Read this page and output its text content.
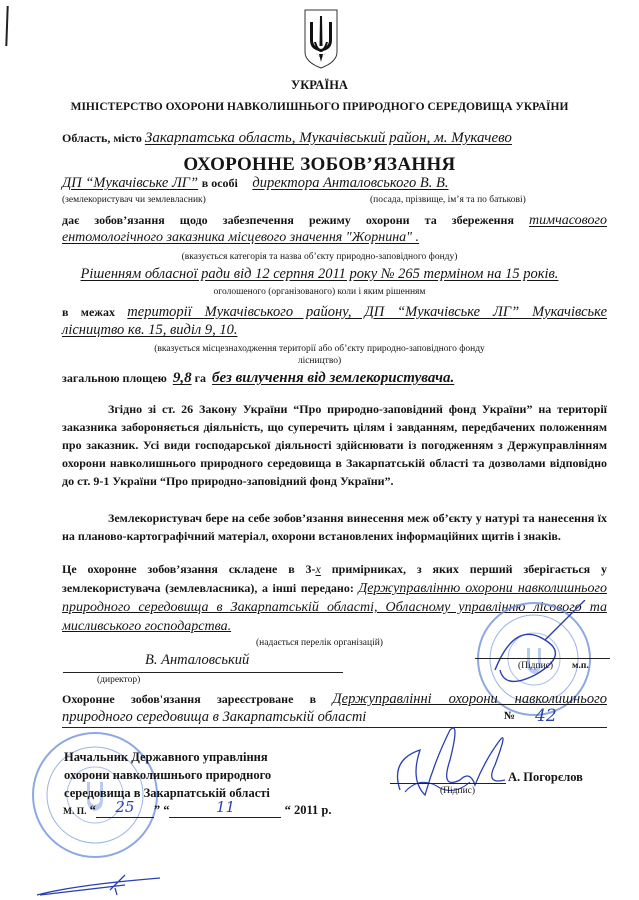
УКРАЇНА
МІНІСТЕРСТВО ОХОРОНИ НАВКОЛИШНЬОГО ПРИРОДНОГО СЕРЕДОВИЩА УКРАЇНИ
Область, місто Закарпатська область, Мукачівський район, м. Мукачево
ОХОРОННЕ ЗОБОВ’ЯЗАННЯ
ДП “Мукачівське ЛГ” в особі директора Анталовського В. В.
(землекористувач чи землевласник)	(посада, прізвище, ім’я та по батькові)
дає зобов’язання щодо забезпечення режиму охорони та збереження тимчасового
ентомологічного заказника місцевого значення "Жорнина" .
(вказується категорія та назва об’єкту природно-заповідного фонду)
Рішенням обласної ради від 12 серпня 2011 року № 265 терміном на 15 років.
оголошеного (організованого) коли і яким рішенням
в межах території Мукачівського району, ДП “Мукачівське ЛГ” Мукачівське
лісництво кв. 15, виділ 9, 10.
(вказується місцезнаходження території або об’єкту природно-заповідного фонду
лісництво)
загальною площею 9,8 га без вилучення від землекористувача.
Згідно зі ст. 26 Закону України “Про природно-заповідний фонд України” на території заказника забороняється діяльність, що суперечить цілям і завданням, передбачених положенням про заказник. Усі види господарської діяльності здійснювати із погодженням з Держуправлінням охорони навколишнього природного середовища в Закарпатській області та дозволами відповідно до ст. 9-1 України “Про природно-заповідний фонд України”.
Землекористувач бере на себе зобов’язання винесення меж об’єкту у натурі та нанесення їх на планово-картографічний матеріал, охорони встановлених інформаційних щитів і знаків.
Це охоронне зобов’язання складене в 3-х примірниках, з яких перший зберігається у землекористувача (землевласника), а інші передано: Держуправлінню охорони навколишнього природного середовища в Закарпатській області, Обласному управлінню лісового та мисливського господарства.
(надається перелік організацій)
В. Анталовський
(директор)
(Підпис) м.п.
Охоронне зобов'язання зареєстроване в Держуправлінні охорони навколишнього
природного середовища в Закарпатській області	№ 42
Начальник Державного управління
охорони навколишнього природного
середовища в Закарпатській області
М. П. “ 25 ” “	11	“ 2011 р.
А. Погорєлов
(Підпис)
